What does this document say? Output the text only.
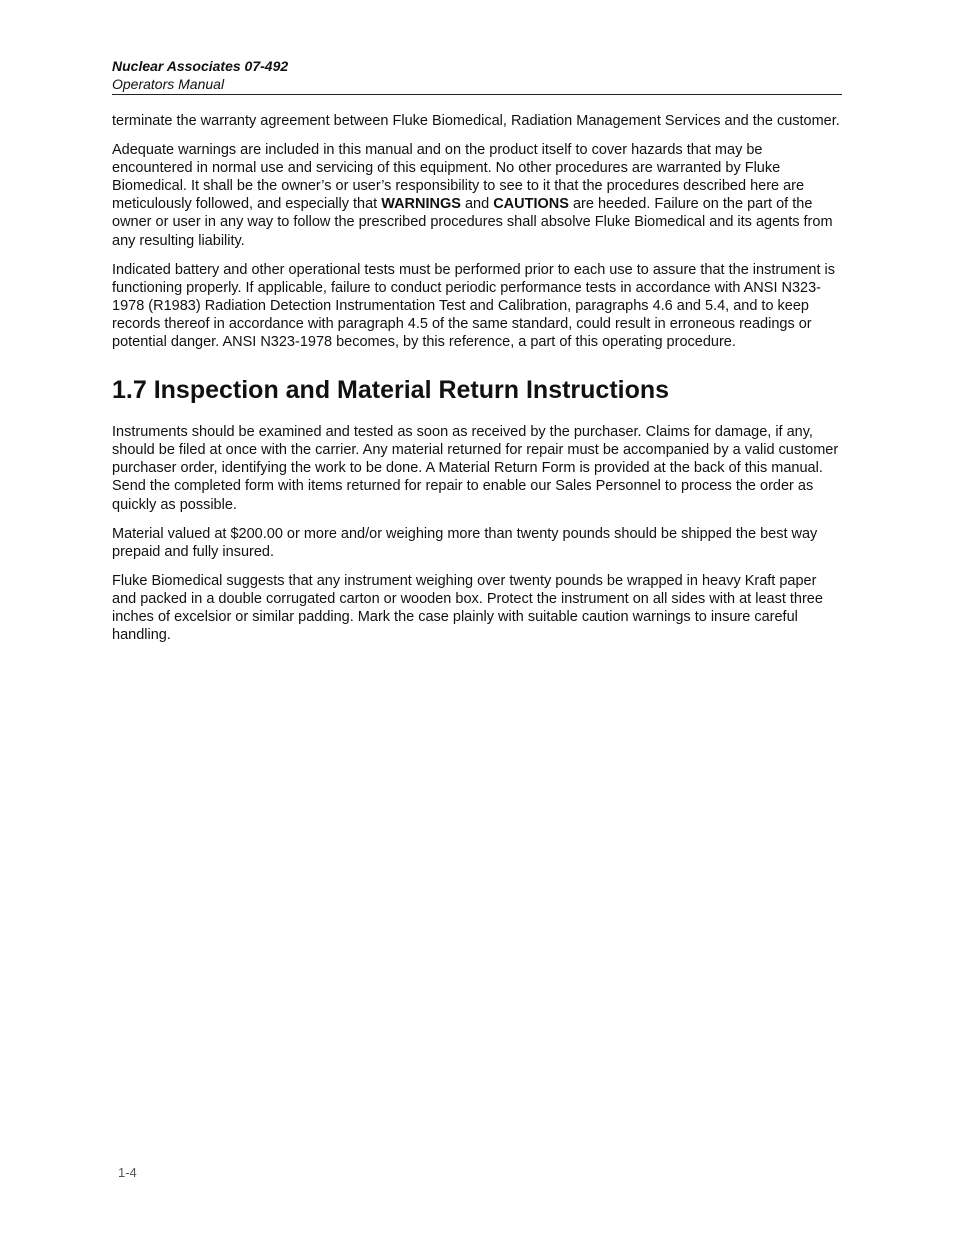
Nuclear Associates 07-492
Operators Manual

terminate the warranty agreement between Fluke Biomedical, Radiation Management Services and the customer.

Adequate warnings are included in this manual and on the product itself to cover hazards that may be encountered in normal use and servicing of this equipment. No other procedures are warranted by Fluke Biomedical. It shall be the owner’s or user’s responsibility to see to it that the procedures described here are meticulously followed, and especially that WARNINGS and CAUTIONS are heeded. Failure on the part of the owner or user in any way to follow the prescribed procedures shall absolve Fluke Biomedical and its agents from any resulting liability.

Indicated battery and other operational tests must be performed prior to each use to assure that the instrument is functioning properly. If applicable, failure to conduct periodic performance tests in accordance with ANSI N323-1978 (R1983) Radiation Detection Instrumentation Test and Calibration, paragraphs 4.6 and 5.4, and to keep records thereof in accordance with paragraph 4.5 of the same standard, could result in erroneous readings or potential danger. ANSI N323-1978 becomes, by this reference, a part of this operating procedure.

1.7 Inspection and Material Return Instructions

Instruments should be examined and tested as soon as received by the purchaser. Claims for damage, if any, should be filed at once with the carrier. Any material returned for repair must be accompanied by a valid customer purchaser order, identifying the work to be done. A Material Return Form is provided at the back of this manual. Send the completed form with items returned for repair to enable our Sales Personnel to process the order as quickly as possible.

Material valued at $200.00 or more and/or weighing more than twenty pounds should be shipped the best way prepaid and fully insured.

Fluke Biomedical suggests that any instrument weighing over twenty pounds be wrapped in heavy Kraft paper and packed in a double corrugated carton or wooden box. Protect the instrument on all sides with at least three inches of excelsior or similar padding. Mark the case plainly with suitable caution warnings to insure careful handling.

1-4
